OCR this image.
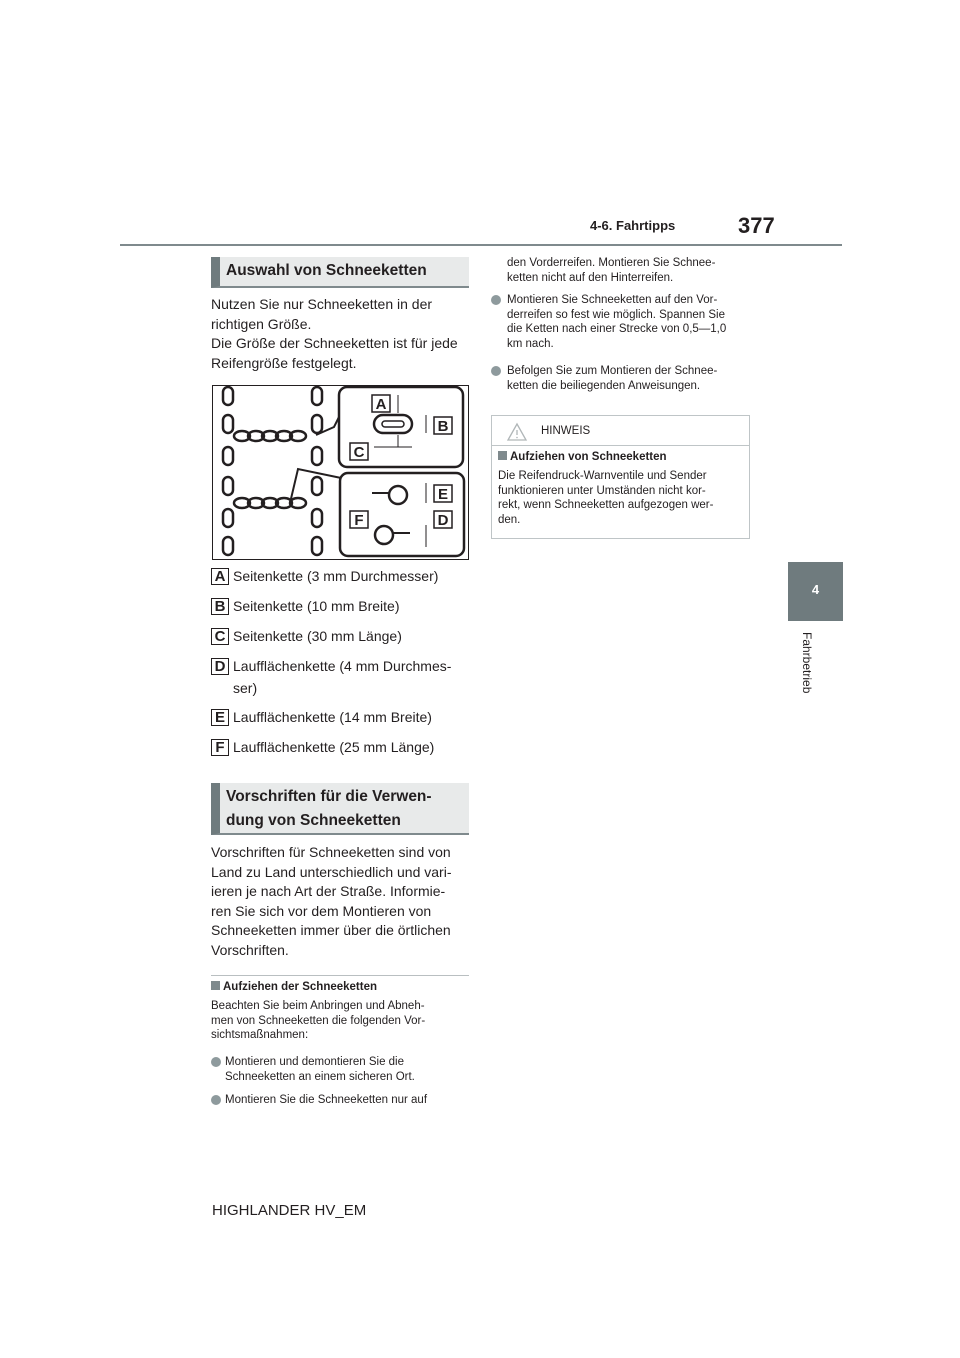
4-6. Fahrtipps	377
4
Fahrbetrieb
Auswahl von Schneeketten
Nutzen Sie nur Schneeketten in der
richtigen Größe.
Die Größe der Schneeketten ist für jede
Reifengröße festgelegt.
A
B
C
E
F	D
A Seitenkette (3 mm Durchmesser)
B Seitenkette (10 mm Breite)
C Seitenkette (30 mm Länge)
D Laufflächenkette (4 mm Durchmes-
ser)
E Laufflächenkette (14 mm Breite)
F Laufflächenkette (25 mm Länge)
Vorschriften für die Verwen-
dung von Schneeketten
Vorschriften für Schneeketten sind von
Land zu Land unterschiedlich und vari-
ieren je nach Art der Straße. Informie-
ren Sie sich vor dem Montieren von
Schneeketten immer über die örtlichen
Vorschriften.
Aufziehen der Schneeketten
Beachten Sie beim Anbringen und Abneh-
men von Schneeketten die folgenden Vor-
sichtsmaßnahmen:
Montieren und demontieren Sie die
Schneeketten an einem sicheren Ort.
Montieren Sie die Schneeketten nur auf
den Vorderreifen. Montieren Sie Schnee-
ketten nicht auf den Hinterreifen.
Montieren Sie Schneeketten auf den Vor-
derreifen so fest wie möglich. Spannen Sie
die Ketten nach einer Strecke von 0,5—1,0
km nach.
Befolgen Sie zum Montieren der Schnee-
ketten die beiliegenden Anweisungen.
HINWEIS
Aufziehen von Schneeketten
Die Reifendruck-Warnventile und Sender
funktionieren unter Umständen nicht kor-
rekt, wenn Schneeketten aufgezogen wer-
den.
HIGHLANDER HV_EM
